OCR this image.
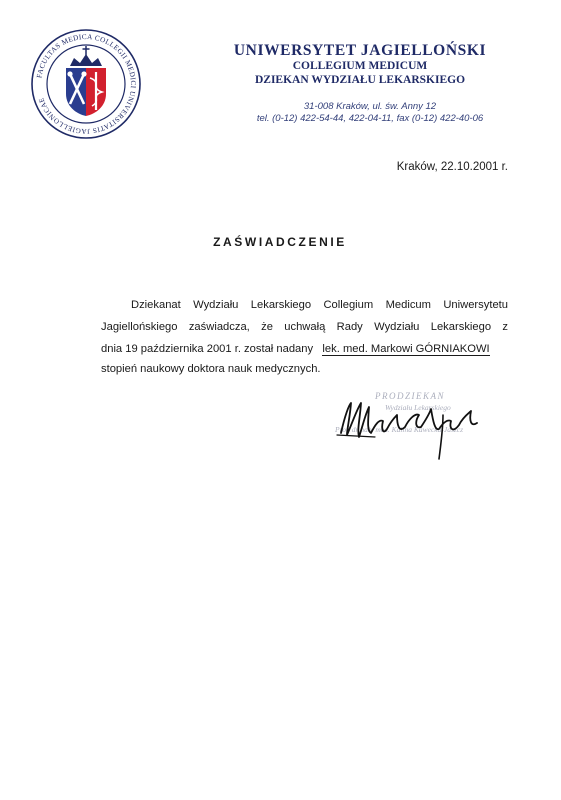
FACULTAS MEDICA COLLEGII MEDICI UNIVERSITATIS JAGIELLONICAE
UNIWERSYTET JAGIELLOŃSKI
COLLEGIUM MEDICUM
DZIEKAN WYDZIAŁU LEKARSKIEGO
31-008 Kraków, ul. św. Anny 12
tel. (0-12) 422-54-44, 422-04-11, fax (0-12) 422-40-06
Kraków, 22.10.2001 r.
ZAŚWIADCZENIE
Dziekanat Wydziału Lekarskiego Collegium Medicum Uniwersytetu
Jagiellońskiego zaświadcza, że uchwałą Rady Wydziału Lekarskiego z
dnia 19 października 2001 r. został nadany lek. med. Markowi GÓRNIAKOWI
stopień naukowy doktora nauk medycznych.
PRODZIEKAN
Wydziału Lekarskiego
Prof. dr hab. med. Kalina Kawecka-Jaszcz
